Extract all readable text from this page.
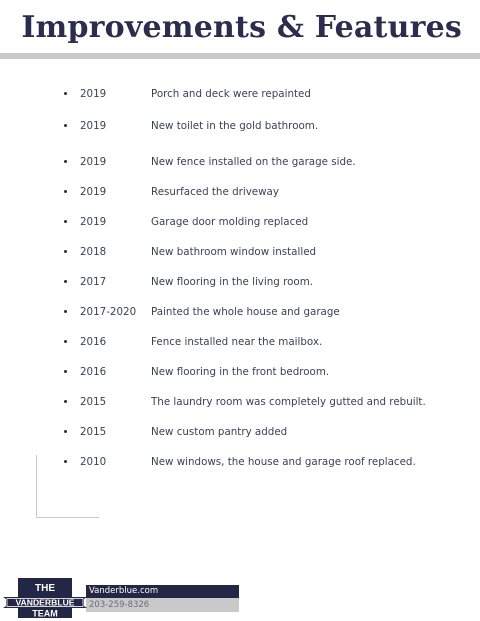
Improvements & Features
2019	Porch and deck were repainted
2019	New toilet in the gold bathroom.
2019	New fence installed on the garage side.
2019	Resurfaced the driveway
2019	Garage door molding replaced
2018	New bathroom window installed
2017	New flooring in the living room.
2017-2020 Painted the whole house and garage
2016	Fence installed near the mailbox.
2016	New flooring in the front bedroom.
2015	The laundry room was completely gutted and rebuilt.
2015	New custom pantry added
2010	New windows, the house and garage roof replaced.
Vanderblue.com
203-259-8326
THE
VANDERBLUE
TEAM
